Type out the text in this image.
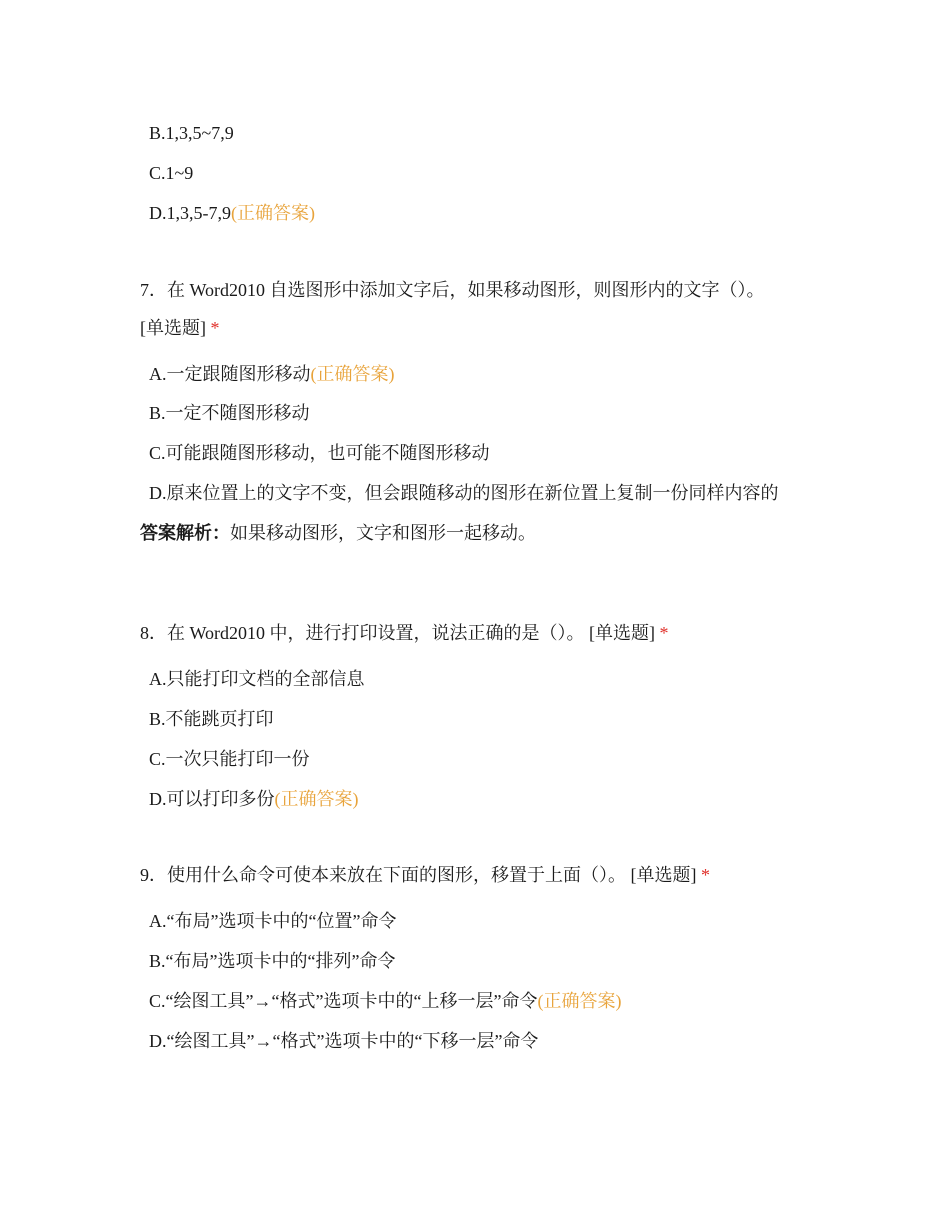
B.1,3,5~7,9
C.1~9
D.1,3,5-7,9(正确答案)
7．在 Word2010 自选图形中添加文字后，如果移动图形，则图形内的文字（）。
[单选题] *
A.一定跟随图形移动(正确答案)
B.一定不随图形移动
C.可能跟随图形移动，也可能不随图形移动
D.原来位置上的文字不变，但会跟随移动的图形在新位置上复制一份同样内容的
答案解析：如果移动图形，文字和图形一起移动。
8．在 Word2010 中，进行打印设置，说法正确的是（）。 [单选题] *
A.只能打印文档的全部信息
B.不能跳页打印
C.一次只能打印一份
D.可以打印多份(正确答案)
9．使用什么命令可使本来放在下面的图形，移置于上面（）。 [单选题] *
A.“布局”选项卡中的“位置”命令
B.“布局”选项卡中的“排列”命令
C.“绘图工具”→“格式”选项卡中的“上移一层”命令(正确答案)
D.“绘图工具”→“格式”选项卡中的“下移一层”命令
